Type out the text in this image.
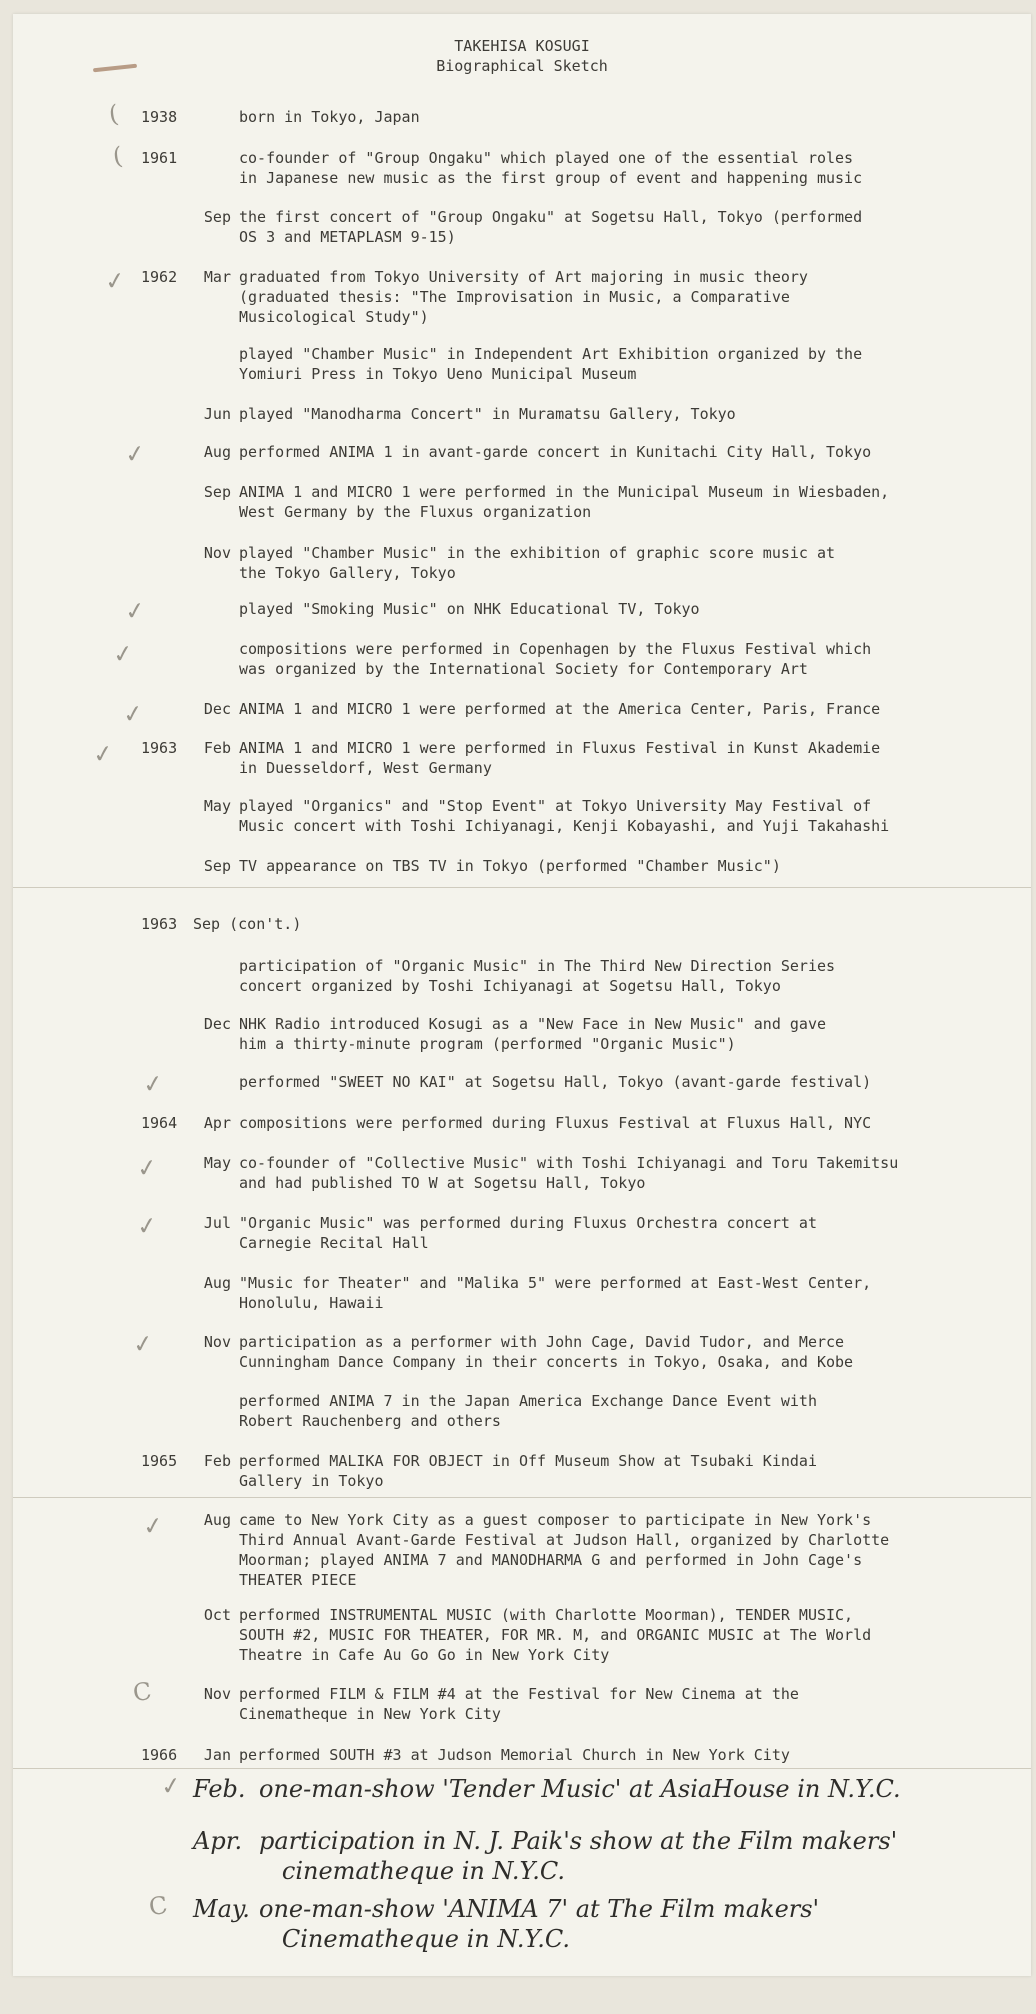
TAKEHISA KOSUGI
Biographical Sketch
1938	born in Tokyo, Japan
1961	co-founder of "Group Ongaku" which played one of the essential roles
in Japanese new music as the first group of event and happening music
Sep the first concert of "Group Ongaku" at Sogetsu Hall, Tokyo (performed
OS 3 and METAPLASM 9-15)
1962	Mar graduated from Tokyo University of Art majoring in music theory
(graduated thesis: "The Improvisation in Music, a Comparative
Musicological Study")
played "Chamber Music" in Independent Art Exhibition organized by the
Yomiuri Press in Tokyo Ueno Municipal Museum
Jun played "Manodharma Concert" in Muramatsu Gallery, Tokyo
Aug performed ANIMA 1 in avant-garde concert in Kunitachi City Hall, Tokyo
Sep ANIMA 1 and MICRO 1 were performed in the Municipal Museum in Wiesbaden,
West Germany by the Fluxus organization
Nov played "Chamber Music" in the exhibition of graphic score music at
the Tokyo Gallery, Tokyo
played "Smoking Music" on NHK Educational TV, Tokyo
compositions were performed in Copenhagen by the Fluxus Festival which
was organized by the International Society for Contemporary Art
Dec ANIMA 1 and MICRO 1 were performed at the America Center, Paris, France
1963	Feb ANIMA 1 and MICRO 1 were performed in Fluxus Festival in Kunst Akademie
in Duesseldorf, West Germany
May played "Organics" and "Stop Event" at Tokyo University May Festival of
Music concert with Toshi Ichiyanagi, Kenji Kobayashi, and Yuji Takahashi
Sep TV appearance on TBS TV in Tokyo (performed "Chamber Music")
1963	Sep (con't.)
participation of "Organic Music" in The Third New Direction Series
concert organized by Toshi Ichiyanagi at Sogetsu Hall, Tokyo
Dec NHK Radio introduced Kosugi as a "New Face in New Music" and gave
him a thirty-minute program (performed "Organic Music")
performed "SWEET NO KAI" at Sogetsu Hall, Tokyo (avant-garde festival)
1964	Apr compositions were performed during Fluxus Festival at Fluxus Hall, NYC
May co-founder of "Collective Music" with Toshi Ichiyanagi and Toru Takemitsu
and had published TO W at Sogetsu Hall, Tokyo
Jul "Organic Music" was performed during Fluxus Orchestra concert at
Carnegie Recital Hall
Aug "Music for Theater" and "Malika 5" were performed at East-West Center,
Honolulu, Hawaii
Nov participation as a performer with John Cage, David Tudor, and Merce
Cunningham Dance Company in their concerts in Tokyo, Osaka, and Kobe
performed ANIMA 7 in the Japan America Exchange Dance Event with
Robert Rauchenberg and others
1965	Feb performed MALIKA FOR OBJECT in Off Museum Show at Tsubaki Kindai
Gallery in Tokyo
Aug came to New York City as a guest composer to participate in New York's
Third Annual Avant-Garde Festival at Judson Hall, organized by Charlotte
Moorman; played ANIMA 7 and MANODHARMA G and performed in John Cage's
THEATER PIECE
Oct performed INSTRUMENTAL MUSIC (with Charlotte Moorman), TENDER MUSIC,
SOUTH #2, MUSIC FOR THEATER, FOR MR. M, and ORGANIC MUSIC at The World
Theatre in Cafe Au Go Go in New York City
Nov performed FILM & FILM #4 at the Festival for New Cinema at the
Cinematheque in New York City
1966	Jan performed SOUTH #3 at Judson Memorial Church in New York City
Feb. one-man-show 'Tender Music' at AsiaHouse in N.Y.C.
Apr. participation in N. J. Paik's show at the Film makers'
cinematheque in N.Y.C.
May. one-man-show 'ANIMA 7' at The Film makers'
Cinematheque in N.Y.C.
(
(
✓
✓
✓
✓
✓
✓
✓
✓
✓
✓
✓
C
✓
C
